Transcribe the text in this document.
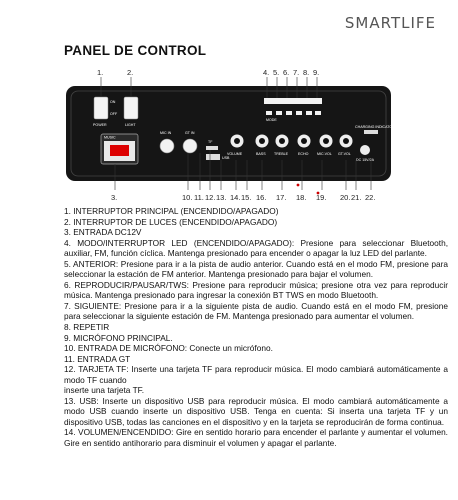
SMARTLIFE
PANEL DE CONTROL
ON
OFF
POWER	LIGHT
MUSIC
MIC IN	GT IN
TF
USB
MODE
VOLUME	BASS TREBLE	ECHO MIC.VOL GT.VOL
DC 15V/2A
CHARGING INDICATOR
1.	2.	4. 5. 6. 7. 8. 9.
3.	10. 11. 12. 13. 14. 15. 16. 17. 18. 19. 20. 21. 22.

1. INTERRUPTOR PRINCIPAL (ENCENDIDO/APAGADO)

2. INTERRUPTOR DE LUCES (ENCENDIDO/APAGADO)

3. ENTRADA DC12V

4. MODO/INTERRUPTOR LED (ENCENDIDO/APAGADO): Presione para seleccionar Bluetooth, auxiliar, FM, función cíclica. Mantenga presionado para encender o apagar la luz LED del parlante.

5. ANTERIOR: Presione para ir a la pista de audio anterior. Cuando está en el modo FM, presione para seleccionar la estación de FM anterior. Mantenga presionado para bajar el volumen.

6. REPRODUCIR/PAUSAR/TWS: Presione para reproducir música; presione otra vez para reproducir música. Mantenga presionado para ingresar la conexión BT TWS en modo Bluetooth.

7. SIGUIENTE: Presione para ir a la siguiente pista de audio. Cuando está en el modo FM, presione para seleccionar la siguiente estación de FM. Mantenga presionado para aumentar el volumen.

8. REPETIR

9. MICRÓFONO PRINCIPAL.

10. ENTRADA DE MICRÓFONO: Conecte un micrófono.

11. ENTRADA GT

12. TARJETA TF: Inserte una tarjeta TF para reproducir música. El modo cambiará automáticamente a modo TF cuando

inserte una tarjeta TF.

13. USB: Inserte un dispositivo USB para reproducir música. El modo cambiará automáticamente a modo USB cuando inserte un dispositivo USB. Tenga en cuenta: Si inserta una tarjeta TF y un dispositivo USB, todas las canciones en el dispositivo y en la tarjeta se reproducirán de forma continua.

14. VOLUMEN/ENCENDIDO: Gire en sentido horario para encender el parlante y aumentar el volumen. Gire en sentido antihorario para disminuir el volumen y apagar el parlante.
